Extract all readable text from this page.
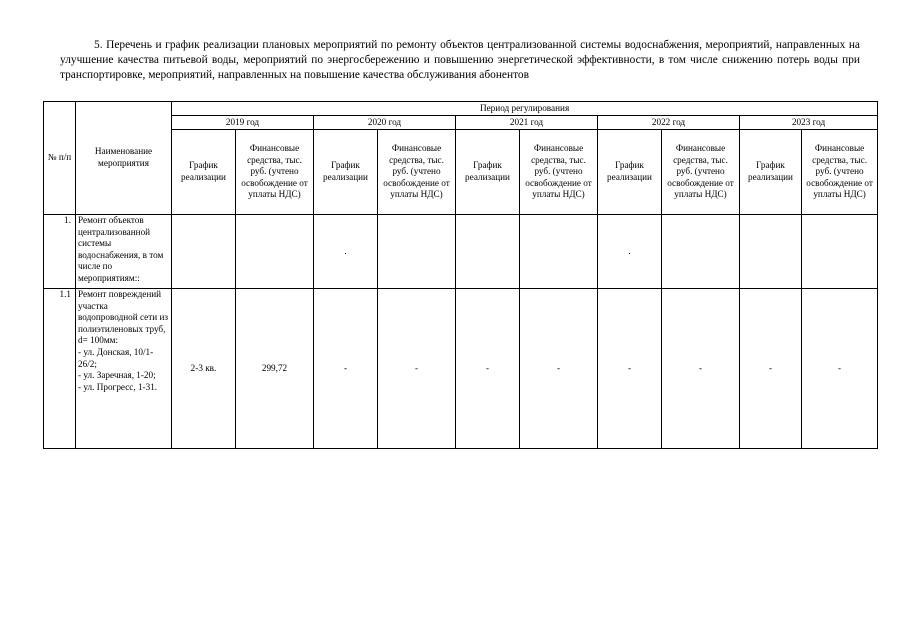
5. Перечень и график реализации плановых мероприятий по ремонту объектов централизованной системы водоснабжения, мероприятий, направленных на улучшение качества питьевой воды, мероприятий по энергосбережению и повышению энергетической эффективности, в том числе снижению потерь воды при транспортировке, мероприятий, направленных на повышение качества обслуживания абонентов
№ п/п	Наименование мероприятия	Период регулирования									
		2019 год		2020 год		2021 год		2022 год		2023 год	
		График реализации	Финансовые средства, тыс. руб. (учтено освобождение от уплаты НДС)	График реализации	Финансовые средства, тыс. руб. (учтено освобождение от уплаты НДС)	График реализации	Финансовые средства, тыс. руб. (учтено освобождение от уплаты НДС)	График реализации	Финансовые средства, тыс. руб. (учтено освобождение от уплаты НДС)	График реализации	Финансовые средства, тыс. руб. (учтено освобождение от уплаты НДС)
1.	Ремонт объектов централизованной системы водоснабжения, в том числе по мероприятиям::			.				.			
1.1	Ремонт повреждений участка водопроводной сети из полиэтиленовых труб, d= 100мм:
- ул. Донская, 10/1-26/2;
- ул. Заречная, 1-20;
- ул. Прогресс, 1-31.	2-3 кв.	299,72	-	-	-	-	-	-	-	-
